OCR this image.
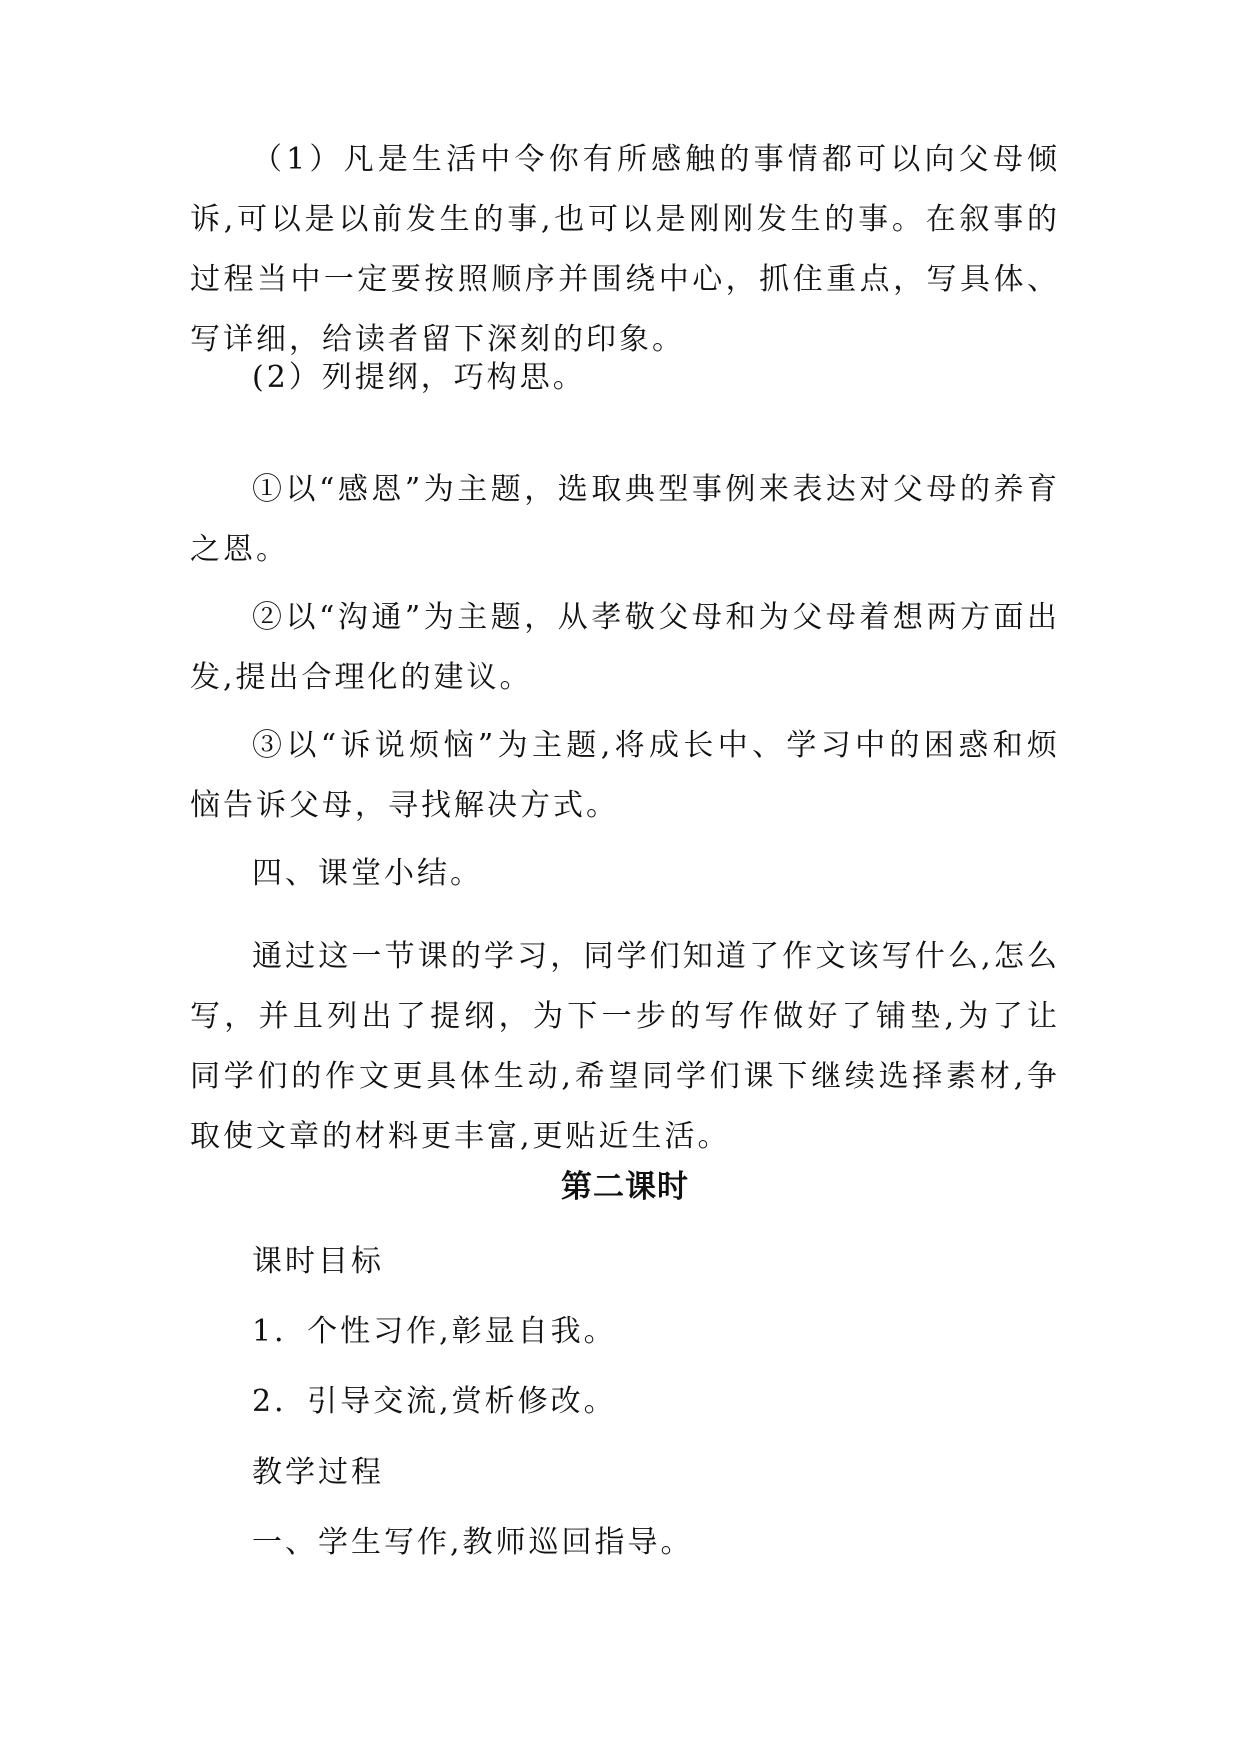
（1）凡是生活中令你有所感触的事情都可以向父母倾诉,可以是以前发生的事,也可以是刚刚发生的事。在叙事的过程当中一定要按照顺序并围绕中心，抓住重点，写具体、写详细，给读者留下深刻的印象。

(2）列提纲，巧构思。

①以“感恩”为主题，选取典型事例来表达对父母的养育之恩。

②以“沟通”为主题，从孝敬父母和为父母着想两方面出发,提出合理化的建议。

③以“诉说烦恼”为主题,将成长中、学习中的困惑和烦恼告诉父母，寻找解决方式。

四、课堂小结。

通过这一节课的学习，同学们知道了作文该写什么,怎么写，并且列出了提纲，为下一步的写作做好了铺垫,为了让同学们的作文更具体生动,希望同学们课下继续选择素材,争取使文章的材料更丰富,更贴近生活。

第二课时

课时目标

1．个性习作,彰显自我。

2．引导交流,赏析修改。

教学过程

一、学生写作,教师巡回指导。
